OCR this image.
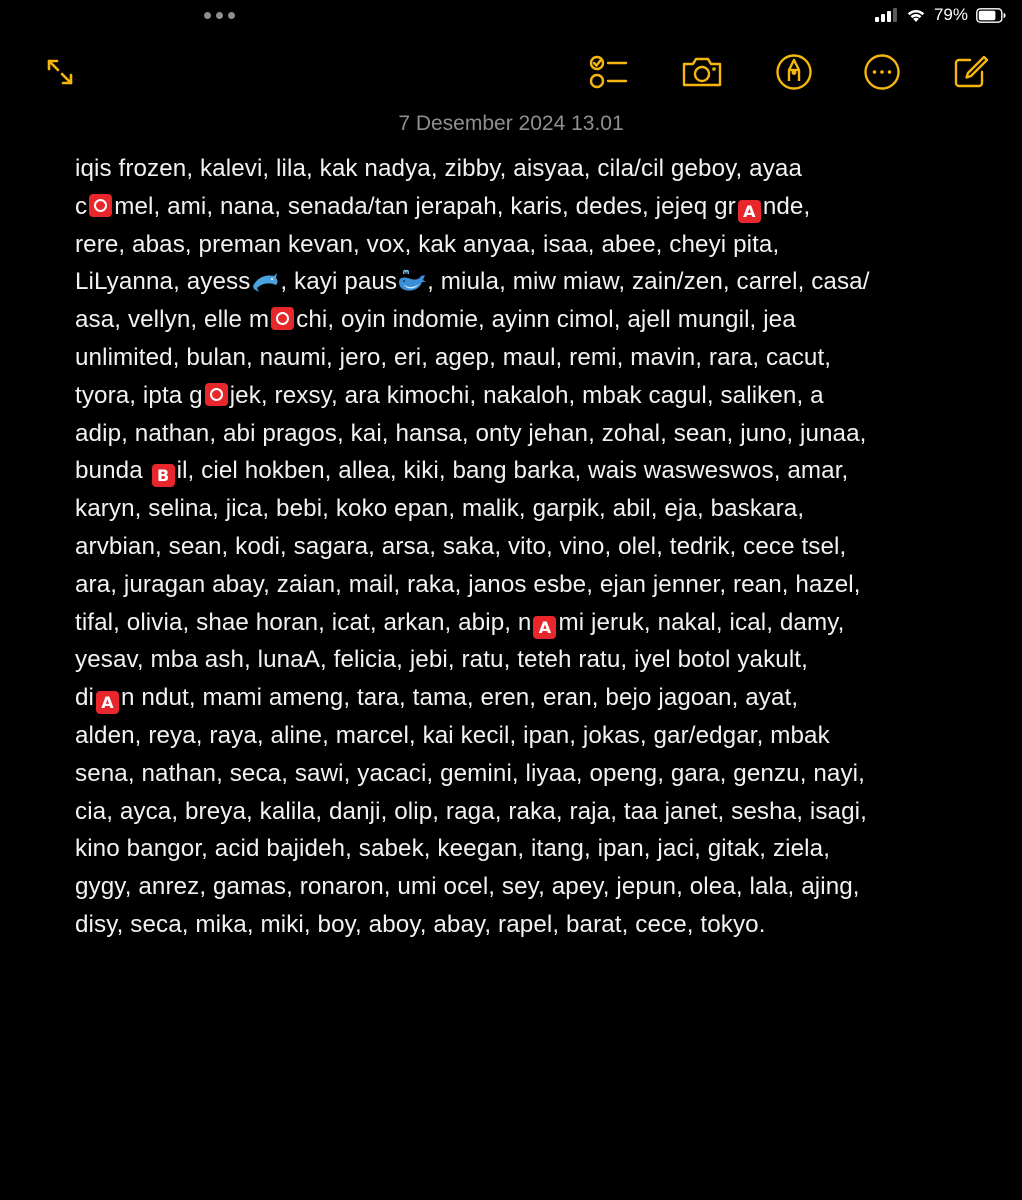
79%
7 Desember 2024 13.01
iqis frozen, kalevi, lila, kak nadya, zibby, aisyaa, cila/cil geboy, ayaa
c mel, ami, nana, senada/tan jerapah, karis, dedes, jejeq gr A nde,
rere, abas, preman kevan, vox, kak anyaa, isaa, abee, cheyi pita,
LiLyanna, ayess , kayi paus , miula, miw miaw, zain/zen, carrel, casa/
asa, vellyn, elle m chi, oyin indomie, ayinn cimol, ajell mungil, jea
unlimited, bulan, naumi, jero, eri, agep, maul, remi, mavin, rara, cacut,
tyora, ipta g jek, rexsy, ara kimochi, nakaloh, mbak cagul, saliken, a
adip, nathan, abi pragos, kai, hansa, onty jehan, zohal, sean, juno, junaa,
bunda B il, ciel hokben, allea, kiki, bang barka, wais wasweswos, amar,
karyn, selina, jica, bebi, koko epan, malik, garpik, abil, eja, baskara,
arvbian, sean, kodi, sagara, arsa, saka, vito, vino, olel, tedrik, cece tsel,
ara, juragan abay, zaian, mail, raka, janos esbe, ejan jenner, rean, hazel,
tifal, olivia, shae horan, icat, arkan, abip, n A mi jeruk, nakal, ical, damy,
yesav, mba ash, lunaA, felicia, jebi, ratu, teteh ratu, iyel botol yakult,
di A n ndut, mami ameng, tara, tama, eren, eran, bejo jagoan, ayat,
alden, reya, raya, aline, marcel, kai kecil, ipan, jokas, gar/edgar, mbak
sena, nathan, seca, sawi, yacaci, gemini, liyaa, openg, gara, genzu, nayi,
cia, ayca, breya, kalila, danji, olip, raga, raka, raja, taa janet, sesha, isagi,
kino bangor, acid bajideh, sabek, keegan, itang, ipan, jaci, gitak, ziela,
gygy, anrez, gamas, ronaron, umi ocel, sey, apey, jepun, olea, lala, ajing,
disy, seca, mika, miki, boy, aboy, abay, rapel, barat, cece, tokyo.
